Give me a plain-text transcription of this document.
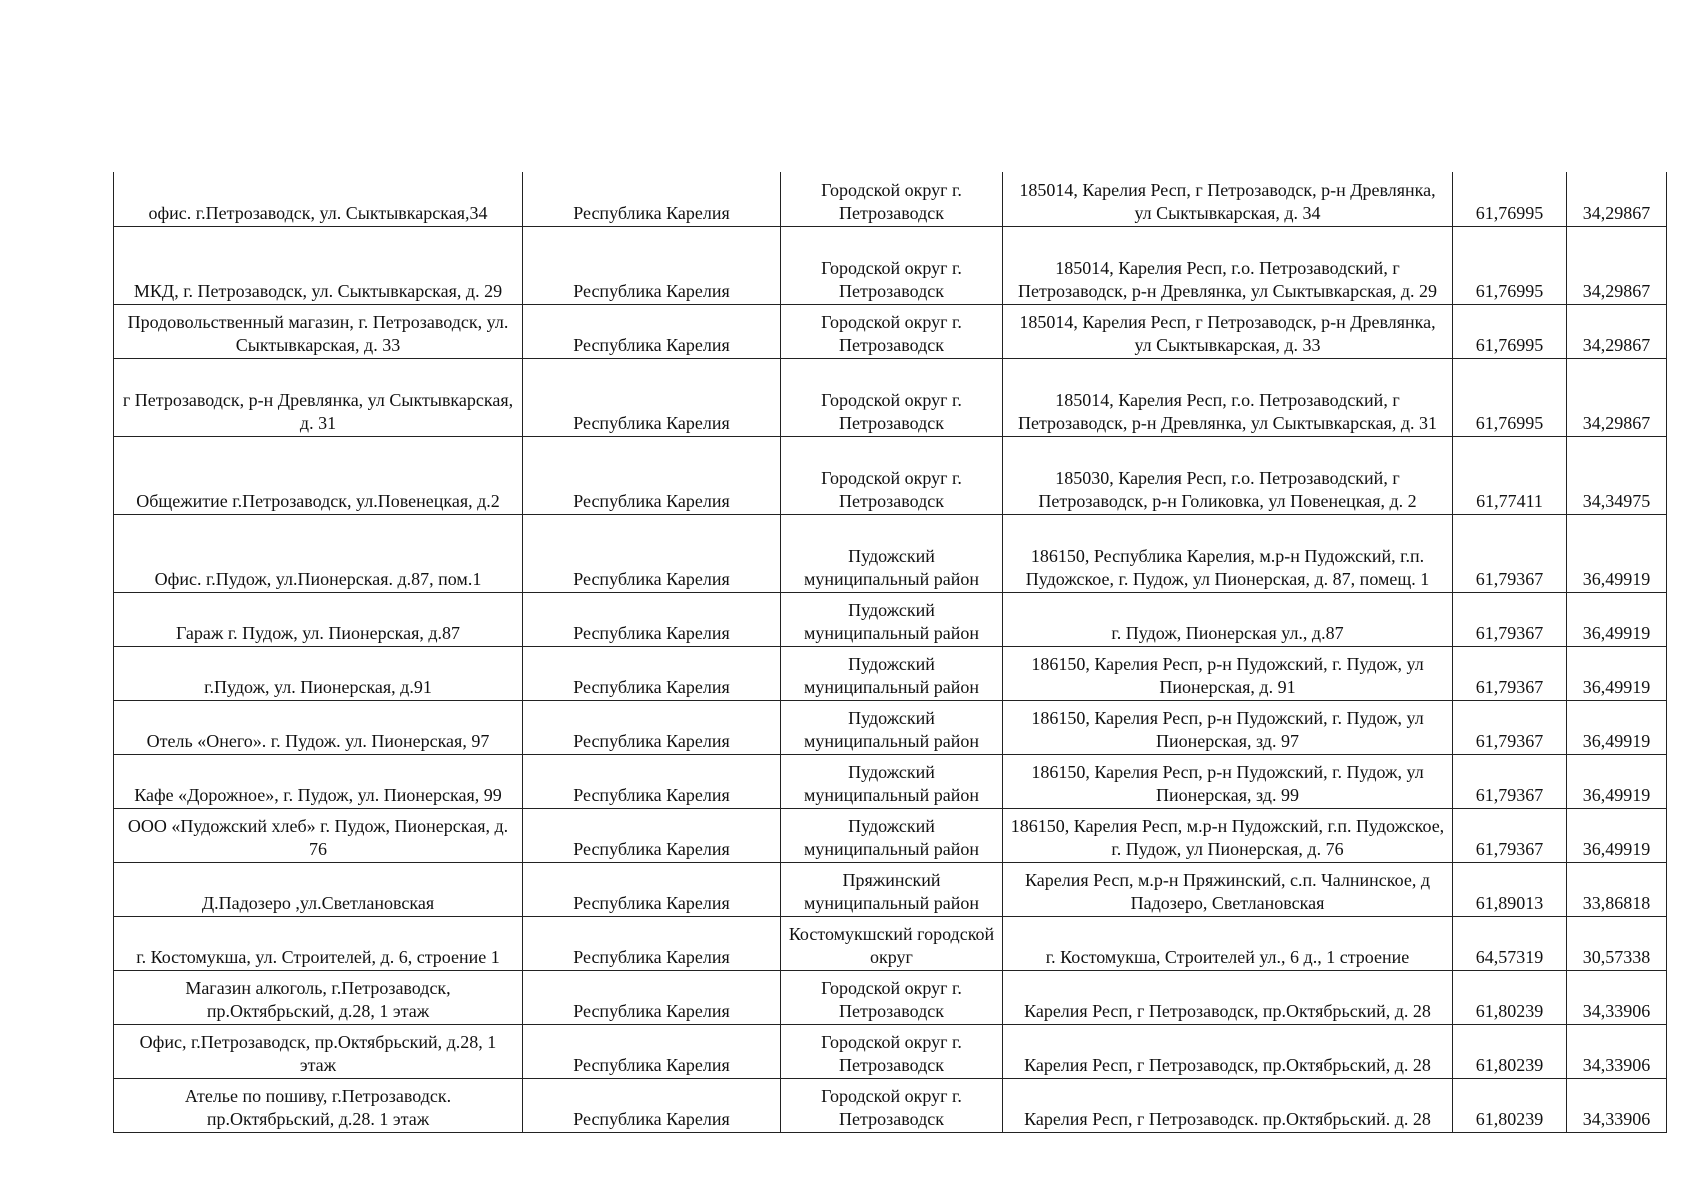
офис. г.Петрозаводск, ул. Сыктывкарская,34	Республика Карелия	Городской округ г. Петрозаводск	185014, Карелия Респ, г Петрозаводск, р-н Древлянка, ул Сыктывкарская, д. 34	61,76995	34,29867
МКД, г. Петрозаводск, ул. Сыктывкарская, д. 29	Республика Карелия	Городской округ г. Петрозаводск	185014, Карелия Респ, г.о. Петрозаводский, г Петрозаводск, р-н Древлянка, ул Сыктывкарская, д. 29	61,76995	34,29867
Продовольственный магазин, г. Петрозаводск, ул. Сыктывкарская, д. 33	Республика Карелия	Городской округ г. Петрозаводск	185014, Карелия Респ, г Петрозаводск, р-н Древлянка, ул Сыктывкарская, д. 33	61,76995	34,29867
г Петрозаводск, р-н Древлянка, ул Сыктывкарская, д. 31	Республика Карелия	Городской округ г. Петрозаводск	185014, Карелия Респ, г.о. Петрозаводский, г Петрозаводск, р-н Древлянка, ул Сыктывкарская, д. 31	61,76995	34,29867
Общежитие г.Петрозаводск, ул.Повенецкая, д.2	Республика Карелия	Городской округ г. Петрозаводск	185030, Карелия Респ, г.о. Петрозаводский, г Петрозаводск, р-н Голиковка, ул Повенецкая, д. 2	61,77411	34,34975
Офис. г.Пудож, ул.Пионерская. д.87, пом.1	Республика Карелия	Пудожский муниципальный район	186150, Республика Карелия, м.р-н Пудожский, г.п. Пудожское, г. Пудож, ул Пионерская, д. 87, помещ. 1	61,79367	36,49919
Гараж г. Пудож, ул. Пионерская, д.87	Республика Карелия	Пудожский муниципальный район	г. Пудож, Пионерская ул., д.87	61,79367	36,49919
г.Пудож, ул. Пионерская, д.91	Республика Карелия	Пудожский муниципальный район	186150, Карелия Респ, р-н Пудожский, г. Пудож, ул Пионерская, д. 91	61,79367	36,49919
Отель «Онего». г. Пудож. ул. Пионерская, 97	Республика Карелия	Пудожский муниципальный район	186150, Карелия Респ, р-н Пудожский, г. Пудож, ул Пионерская, зд. 97	61,79367	36,49919
Кафе «Дорожное», г. Пудож, ул. Пионерская, 99	Республика Карелия	Пудожский муниципальный район	186150, Карелия Респ, р-н Пудожский, г. Пудож, ул Пионерская, зд. 99	61,79367	36,49919
ООО «Пудожский хлеб» г. Пудож, Пионерская, д. 76	Республика Карелия	Пудожский муниципальный район	186150, Карелия Респ, м.р-н Пудожский, г.п. Пудожское, г. Пудож, ул Пионерская, д. 76	61,79367	36,49919
Д.Падозеро ,ул.Светлановская	Республика Карелия	Пряжинский муниципальный район	Карелия Респ, м.р-н Пряжинский, с.п. Чалнинское, д Падозеро, Светлановская	61,89013	33,86818
г. Костомукша, ул. Строителей, д. 6, строение 1	Республика Карелия	Костомукшский городской округ	г. Костомукша, Строителей ул., 6 д., 1 строение	64,57319	30,57338
Магазин алкоголь, г.Петрозаводск, пр.Октябрьский, д.28, 1 этаж	Республика Карелия	Городской округ г. Петрозаводск	Карелия Респ, г Петрозаводск, пр.Октябрьский, д. 28	61,80239	34,33906
Офис, г.Петрозаводск, пр.Октябрьский, д.28, 1 этаж	Республика Карелия	Городской округ г. Петрозаводск	Карелия Респ, г Петрозаводск, пр.Октябрьский, д. 28	61,80239	34,33906
Ателье по пошиву, г.Петрозаводск. пр.Октябрьский, д.28. 1 этаж	Республика Карелия	Городской округ г. Петрозаводск	Карелия Респ, г Петрозаводск. пр.Октябрьский. д. 28	61,80239	34,33906
